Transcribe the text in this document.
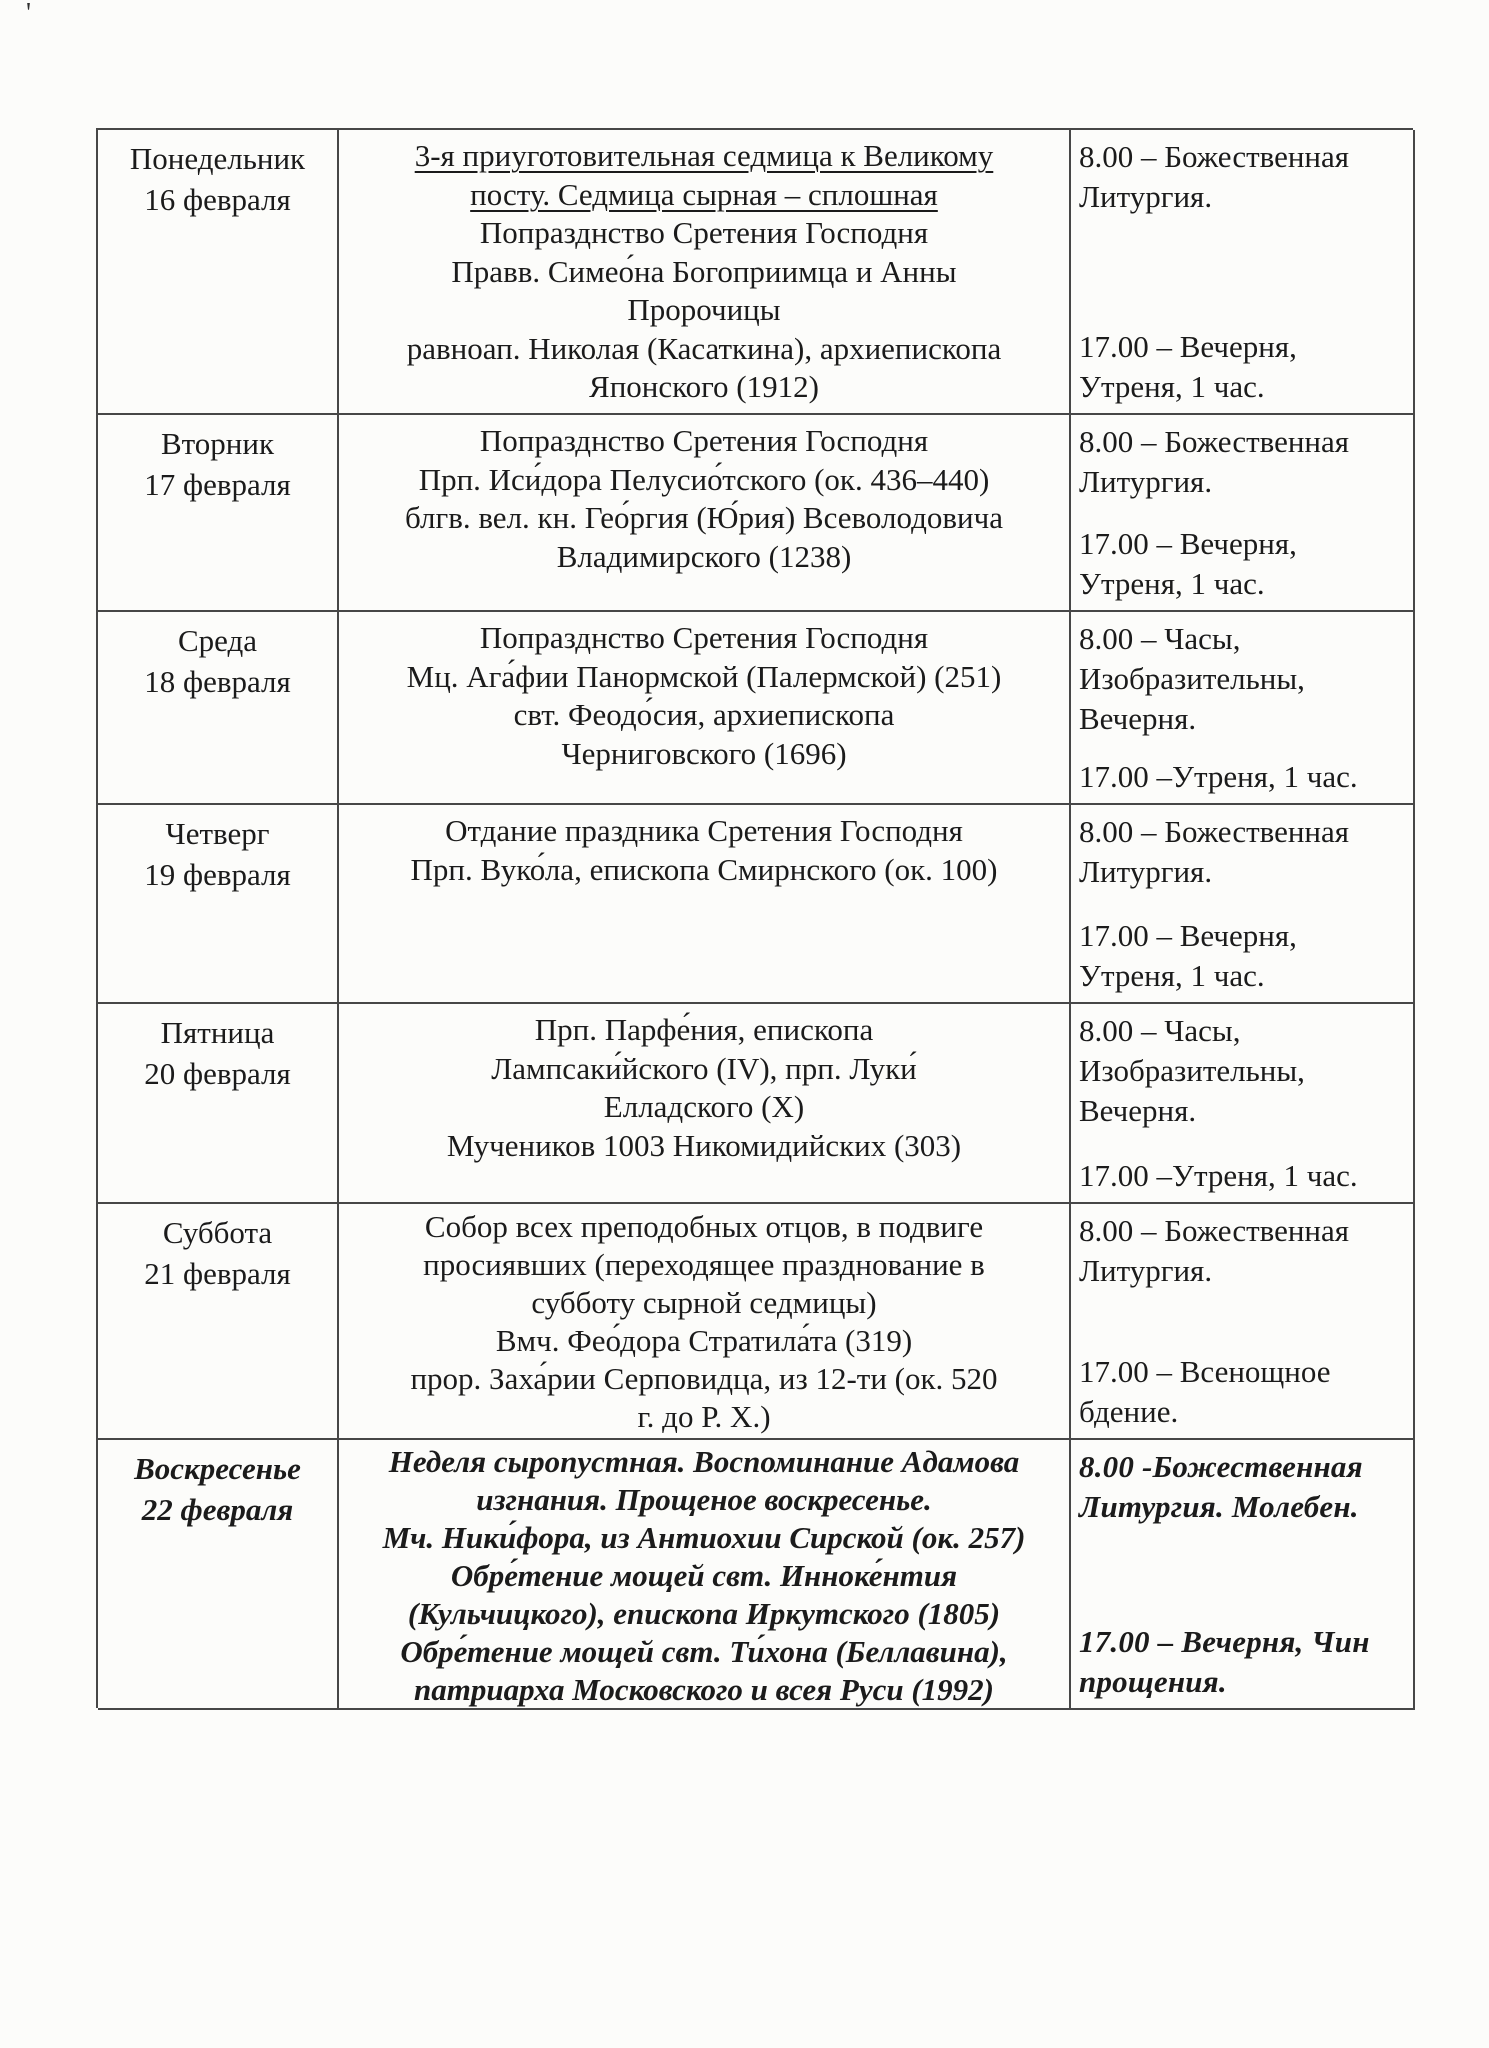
'
Понедельник
16 февраля
3-я приуготовительная седмица к Великому
посту. Седмица сырная – сплошная
Попразднство Сретения Господня
Правв. Симео́на Богоприимца и Анны
Пророчицы
равноап. Николая (Касаткина), архиепископа
Японского (1912)
8.00 – Божественная
Литургия.
17.00 – Вечерня,
Утреня, 1 час.
Вторник
17 февраля
Попразднство Сретения Господня
Прп. Иси́дора Пелусио́тского (ок. 436–440)
блгв. вел. кн. Гео́ргия (Ю́рия) Всеволодовича
Владимирского (1238)
8.00 – Божественная
Литургия.
17.00 – Вечерня,
Утреня, 1 час.
Среда
18 февраля
Попразднство Сретения Господня
Мц. Ага́фии Панормской (Палермской) (251)
свт. Феодо́сия, архиепископа
Черниговского (1696)
8.00 – Часы,
Изобразительны,
Вечерня.
17.00 –Утреня, 1 час.
Четверг
19 февраля
Отдание праздника Сретения Господня
Прп. Вуко́ла, епископа Смирнского (ок. 100)
8.00 – Божественная
Литургия.
17.00 – Вечерня,
Утреня, 1 час.
Пятница
20 февраля
Прп. Парфе́ния, епископа
Лампсаки́йского (IV), прп. Луки́
Елладского (X)
Мучеников 1003 Никомидийских (303)
8.00 – Часы,
Изобразительны,
Вечерня.
17.00 –Утреня, 1 час.
Суббота
21 февраля
Собор всех преподобных отцов, в подвиге
просиявших (переходящее празднование в
субботу сырной седмицы)
Вмч. Фео́дора Стратила́та (319)
прор. Заха́рии Серповидца, из 12-ти (ок. 520
г. до Р. Х.)
8.00 – Божественная
Литургия.
17.00 – Всенощное
бдение.
Воскресенье
22 февраля
Неделя сыропустная. Воспоминание Адамова
изгнания. Прощеное воскресенье.
Мч. Ники́фора, из Антиохии Сирской (ок. 257)
Обре́тение мощей свт. Инноке́нтия
(Кульчицкого), епископа Иркутского (1805)
Обре́тение мощей свт. Ти́хона (Беллавина),
патриарха Московского и всея Руси (1992)
8.00 -Божественная
Литургия. Молебен.
17.00 – Вечерня, Чин
прощения.
